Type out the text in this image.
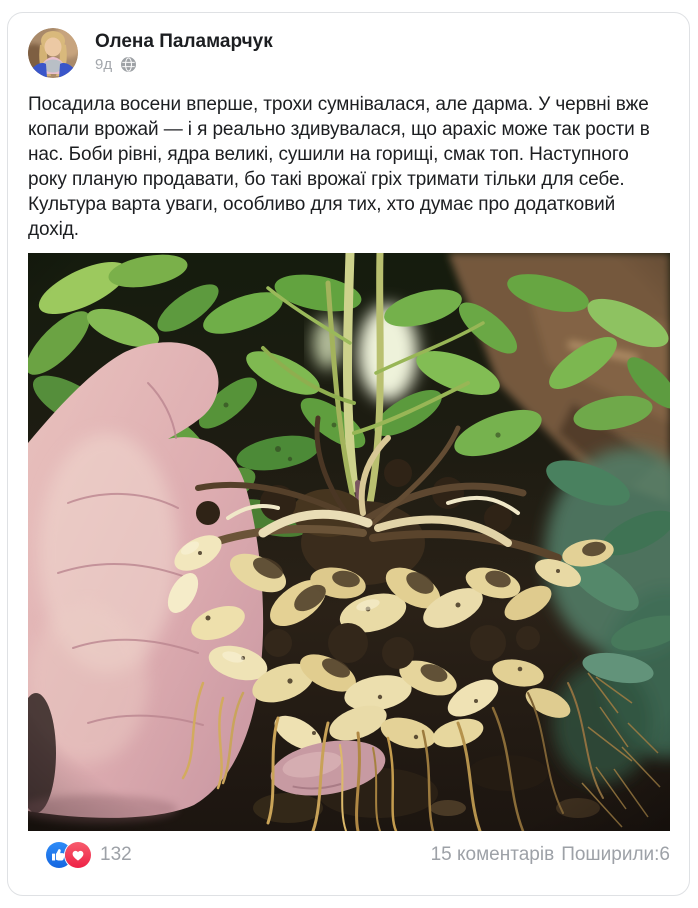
Олена Паламарчук
9д

Посадила восени вперше, трохи сумнівалася, але дарма. У червні вже копали врожай — і я реально здивувалася, що арахіс може так рости в нас. Боби рівні, ядра великі, сушили на горищі, смак топ. Наступного року планую продавати, бо такі врожаї гріх тримати тільки для себе. Культура варта уваги, особливо для тих, хто думає про додатковий дохід.

132	15 коментарів Поширили:6
